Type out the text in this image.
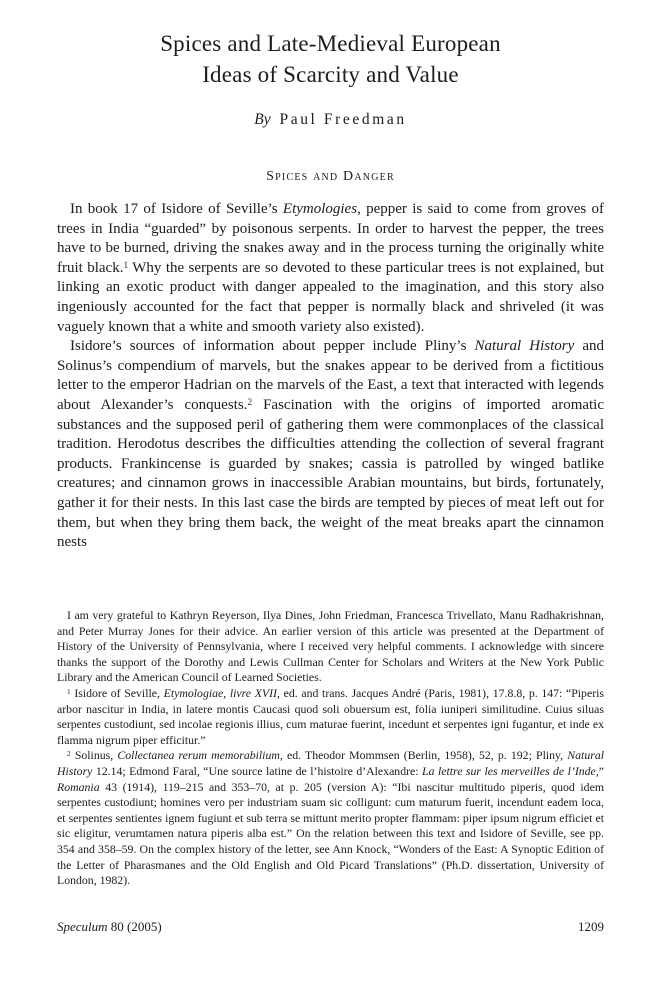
Spices and Late-Medieval European
Ideas of Scarcity and Value
By Paul Freedman
Spices and Danger

In book 17 of Isidore of Seville’s Etymologies, pepper is said to come from groves of trees in India “guarded” by poisonous serpents. In order to harvest the pepper, the trees have to be burned, driving the snakes away and in the process turning the originally white fruit black.$^1$ Why the serpents are so devoted to these particular trees is not explained, but linking an exotic product with danger appealed to the imagination, and this story also ingeniously accounted for the fact that pepper is normally black and shriveled (it was vaguely known that a white and smooth variety also existed).

Isidore’s sources of information about pepper include Pliny’s Natural History and Solinus’s compendium of marvels, but the snakes appear to be derived from a fictitious letter to the emperor Hadrian on the marvels of the East, a text that interacted with legends about Alexander’s conquests.$^2$ Fascination with the origins of imported aromatic substances and the supposed peril of gathering them were commonplaces of the classical tradition. Herodotus describes the difficulties attending the collection of several fragrant products. Frankincense is guarded by snakes; cassia is patrolled by winged batlike creatures; and cinnamon grows in inaccessible Arabian mountains, but birds, fortunately, gather it for their nests. In this last case the birds are tempted by pieces of meat left out for them, but when they bring them back, the weight of the meat breaks apart the cinnamon nests

I am very grateful to Kathryn Reyerson, Ilya Dines, John Friedman, Francesca Trivellato, Manu Radhakrishnan, and Peter Murray Jones for their advice. An earlier version of this article was presented at the Department of History of the University of Pennsylvania, where I received very helpful comments. I acknowledge with sincere thanks the support of the Dorothy and Lewis Cullman Center for Scholars and Writers at the New York Public Library and the American Council of Learned Societies.

$^1$ Isidore of Seville, Etymologiae, livre XVII, ed. and trans. Jacques André (Paris, 1981), 17.8.8, p. 147: “Piperis arbor nascitur in India, in latere montis Caucasi quod soli obuersum est, folia iuniperi similitudine. Cuius siluas serpentes custodiunt, sed incolae regionis illius, cum maturae fuerint, incedunt et serpentes igni fugantur, et inde ex flamma nigrum piper efficitur.”

$^2$ Solinus, Collectanea rerum memorabilium, ed. Theodor Mommsen (Berlin, 1958), 52, p. 192; Pliny, Natural History 12.14; Edmond Faral, “Une source latine de l’histoire d’Alexandre: La lettre sur les merveilles de l’Inde,” Romania 43 (1914), 119–215 and 353–70, at p. 205 (version A): “Ibi nascitur multitudo piperis, quod idem serpentes custodiunt; homines vero per industriam suam sic colligunt: cum maturum fuerit, incendunt eadem loca, et serpentes sentientes ignem fugiunt et sub terra se mittunt merito propter flammam: piper ipsum nigrum efficiet et sic eligitur, verumtamen natura piperis alba est.” On the relation between this text and Isidore of Seville, see pp. 354 and 358–59. On the complex history of the letter, see Ann Knock, “Wonders of the East: A Synoptic Edition of the Letter of Pharasmanes and the Old English and Old Picard Translations” (Ph.D. dissertation, University of London, 1982).

Speculum 80 (2005)	1209
